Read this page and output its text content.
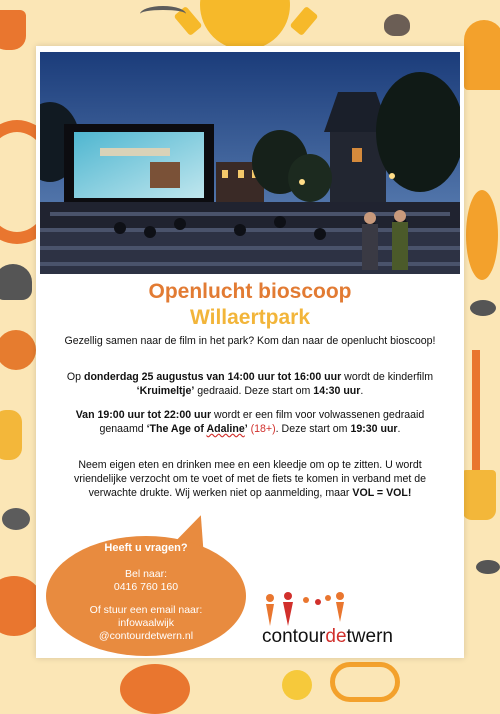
Openlucht bioscoop
Willaertpark
Gezellig samen naar de film in het park? Kom dan naar de openlucht bioscoop!
Op donderdag 25 augustus van 14:00 uur tot 16:00 uur wordt de kinderfilm ‘Kruimeltje’ gedraaid. Deze start om 14:30 uur.
Van 19:00 uur tot 22:00 uur wordt er een film voor volwassenen gedraaid genaamd ‘The Age of Adaline’ (18+). Deze start om 19:30 uur.
Neem eigen eten en drinken mee en een kleedje om op te zitten. U wordt vriendelijke verzocht om te voet of met de fiets te komen in verband met de verwachte drukte. Wij werken niet op aanmelding, maar VOL = VOL!
Heeft u vragen?
Bel naar:
0416 760 160
Of stuur een email naar:
infowaalwijk
@contourdetwern.nl	contourdetwern
